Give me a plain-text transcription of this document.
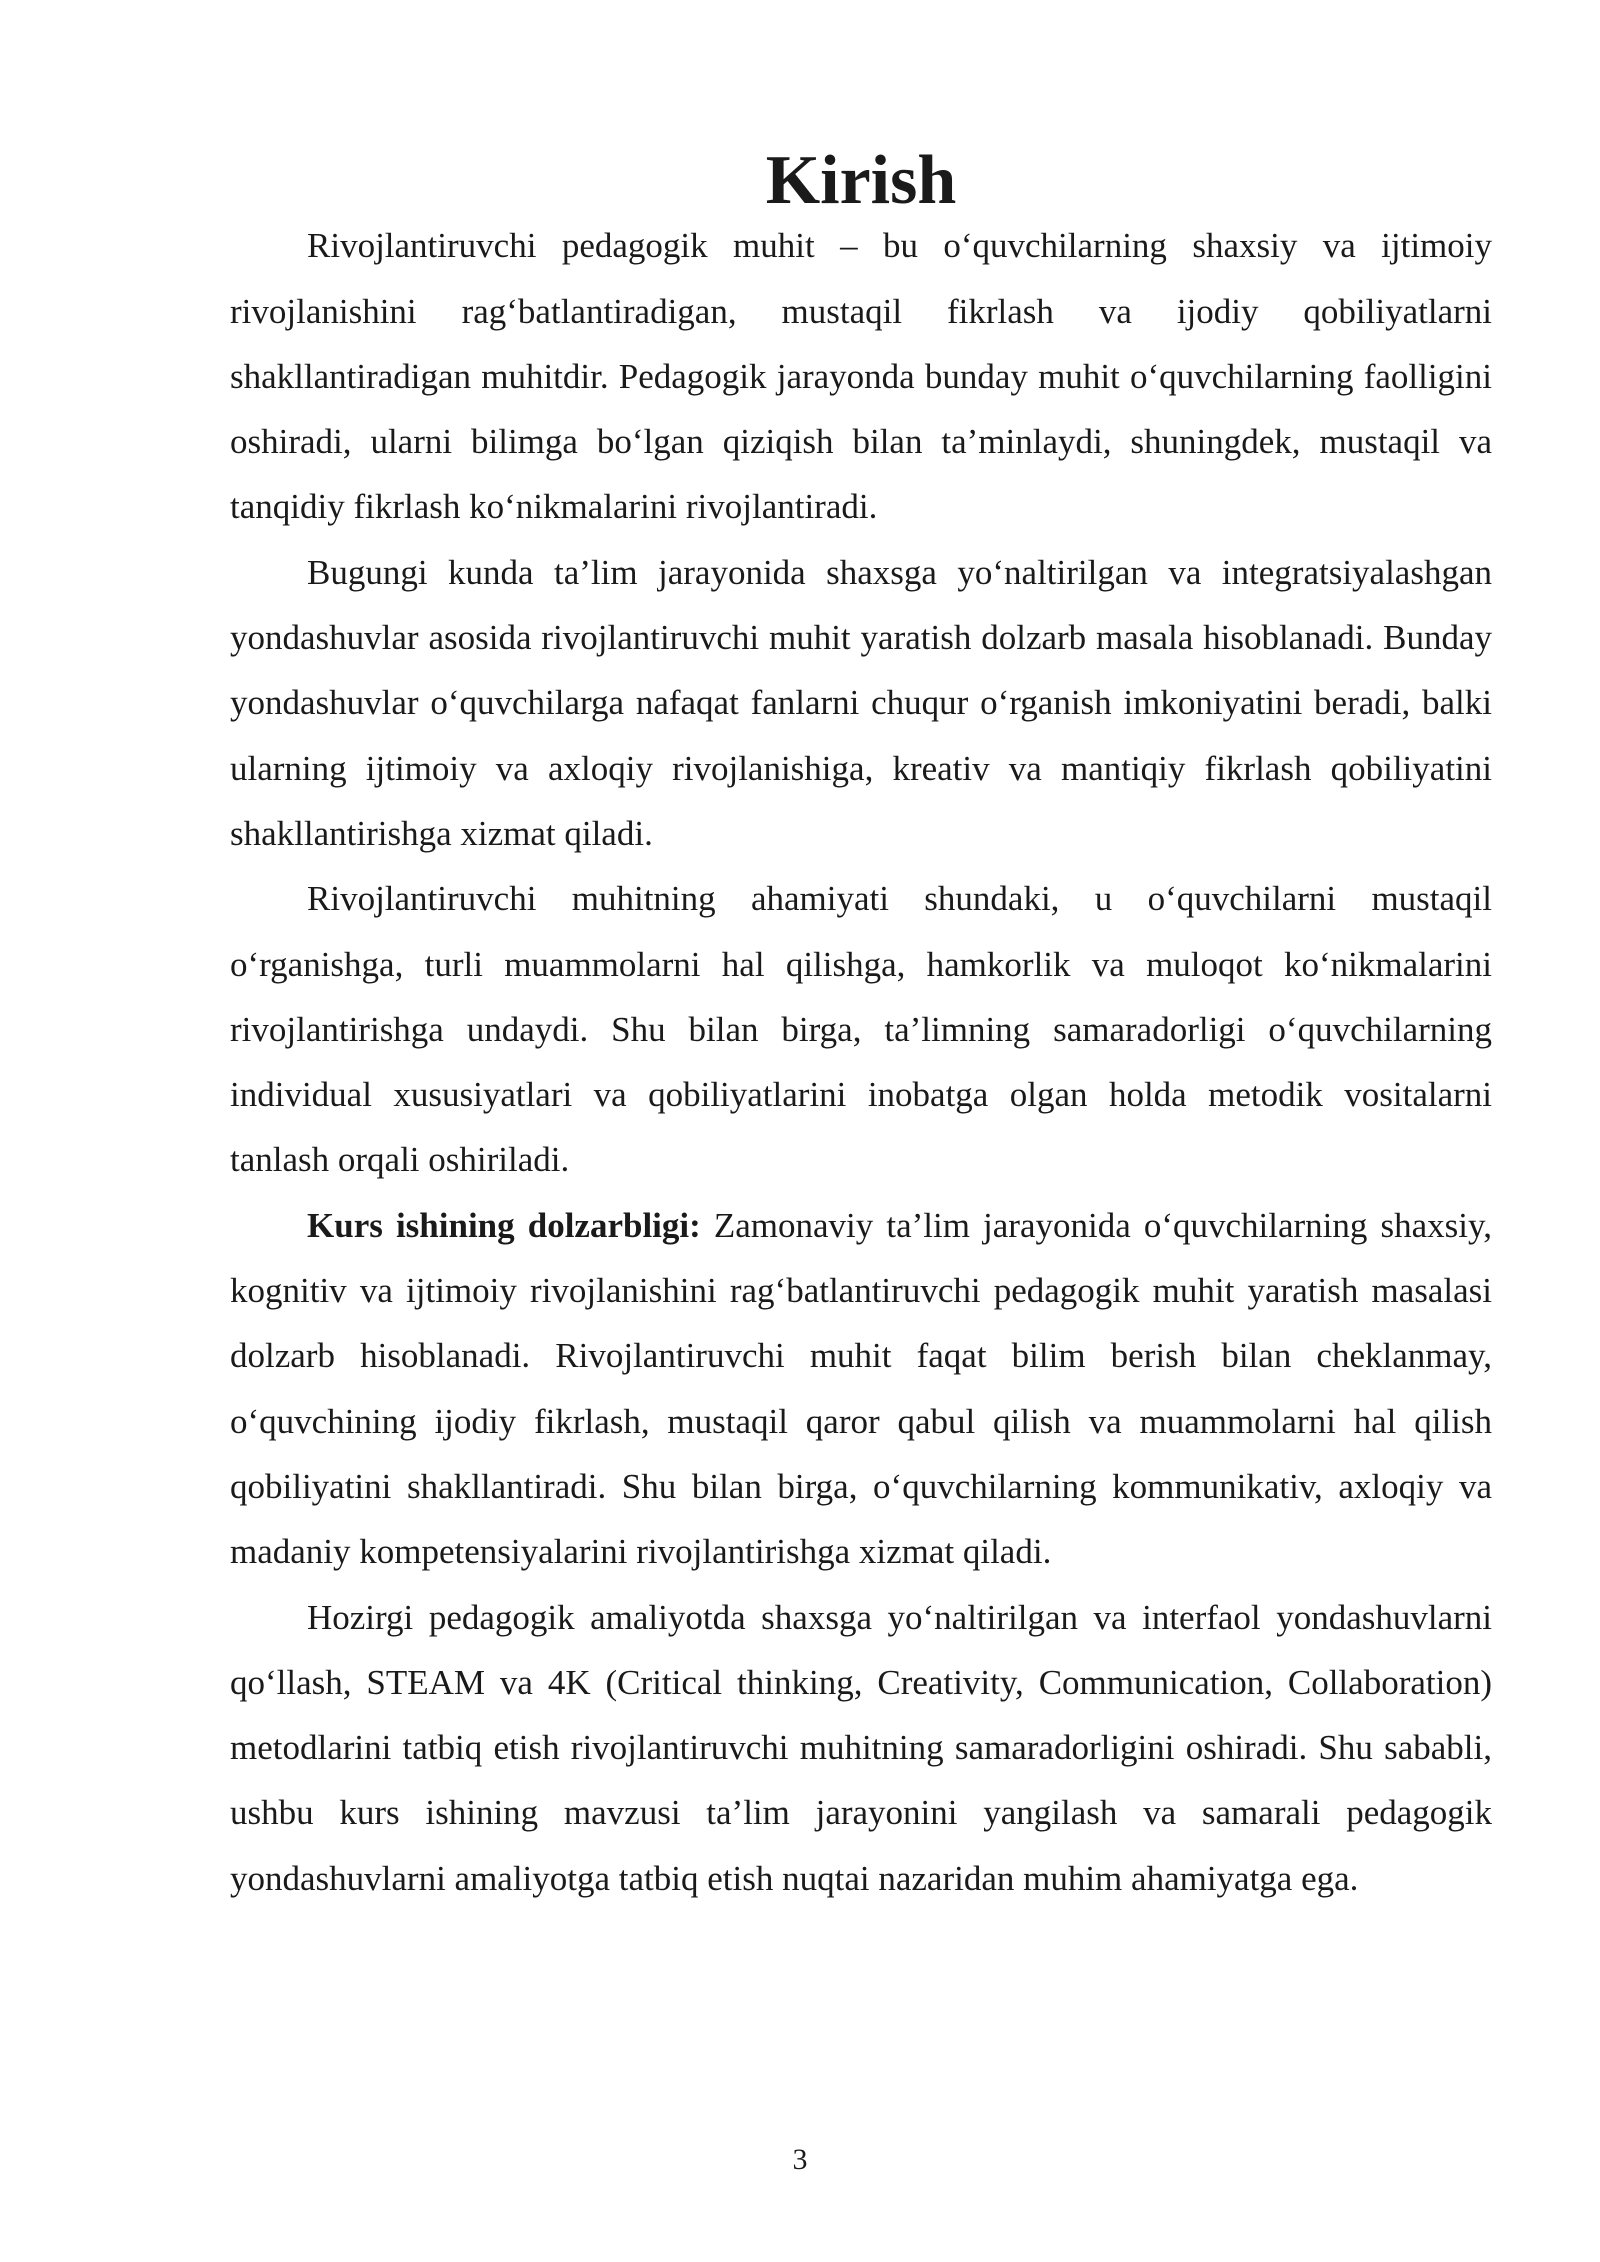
Kirish

Rivojlantiruvchi pedagogik muhit – bu o‘quvchilarning shaxsiy va ijtimoiy rivojlanishini rag‘batlantiradigan, mustaqil fikrlash va ijodiy qobiliyatlarni shakllantiradigan muhitdir. Pedagogik jarayonda bunday muhit o‘quvchilarning faolligini oshiradi, ularni bilimga bo‘lgan qiziqish bilan ta’minlaydi, shuningdek, mustaqil va tanqidiy fikrlash ko‘nikmalarini rivojlantiradi.

Bugungi kunda ta’lim jarayonida shaxsga yo‘naltirilgan va integratsiyalashgan yondashuvlar asosida rivojlantiruvchi muhit yaratish dolzarb masala hisoblanadi. Bunday yondashuvlar o‘quvchilarga nafaqat fanlarni chuqur o‘rganish imkoniyatini beradi, balki ularning ijtimoiy va axloqiy rivojlanishiga, kreativ va mantiqiy fikrlash qobiliyatini shakllantirishga xizmat qiladi.

Rivojlantiruvchi muhitning ahamiyati shundaki, u o‘quvchilarni mustaqil o‘rganishga, turli muammolarni hal qilishga, hamkorlik va muloqot ko‘nikmalarini rivojlantirishga undaydi. Shu bilan birga, ta’limning samaradorligi o‘quvchilarning individual xususiyatlari va qobiliyatlarini inobatga olgan holda metodik vositalarni tanlash orqali oshiriladi.

Kurs ishining dolzarbligi: Zamonaviy ta’lim jarayonida o‘quvchilarning shaxsiy, kognitiv va ijtimoiy rivojlanishini rag‘batlantiruvchi pedagogik muhit yaratish masalasi dolzarb hisoblanadi. Rivojlantiruvchi muhit faqat bilim berish bilan cheklanmay, o‘quvchining ijodiy fikrlash, mustaqil qaror qabul qilish va muammolarni hal qilish qobiliyatini shakllantiradi. Shu bilan birga, o‘quvchilarning kommunikativ, axloqiy va madaniy kompetensiyalarini rivojlantirishga xizmat qiladi.

Hozirgi pedagogik amaliyotda shaxsga yo‘naltirilgan va interfaol yondashuvlarni qo‘llash, STEAM va 4K (Critical thinking, Creativity, Communication, Collaboration) metodlarini tatbiq etish rivojlantiruvchi muhitning samaradorligini oshiradi. Shu sababli, ushbu kurs ishining mavzusi ta’lim jarayonini yangilash va samarali pedagogik yondashuvlarni amaliyotga tatbiq etish nuqtai nazaridan muhim ahamiyatga ega.

3
